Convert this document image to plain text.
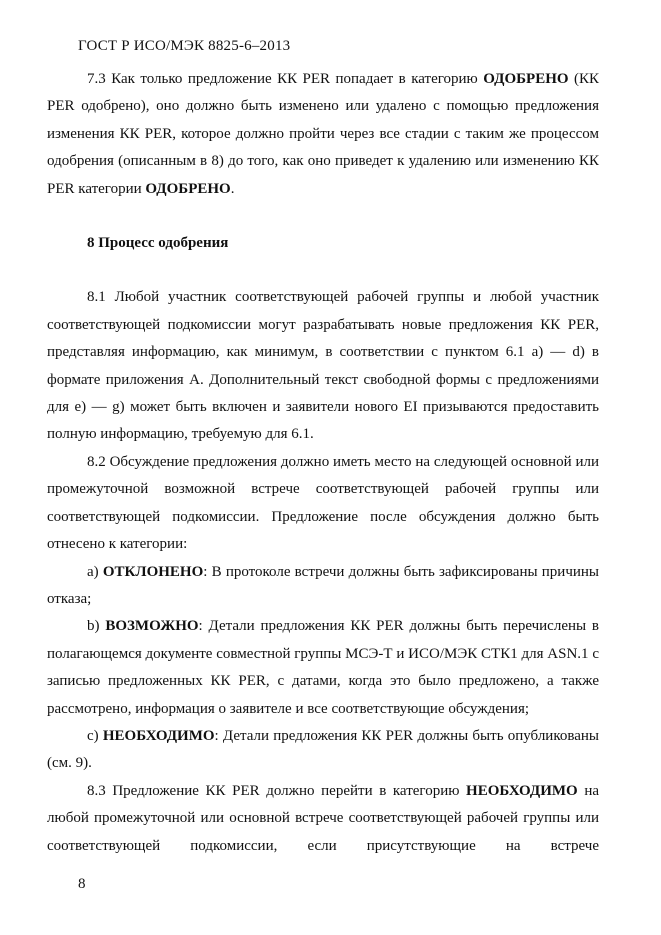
ГОСТ Р ИСО/МЭК 8825-6–2013

7.3 Как только предложение КК PER попадает в категорию ОДОБРЕНО (КК PER одобрено), оно должно быть изменено или удалено с помощью предложения изменения КК PER, которое должно пройти через все стадии с таким же процессом одобрения (описанным в 8) до того, как оно приведет к удалению или изменению КК PER категории ОДОБРЕНО.

8 Процесс одобрения

8.1 Любой участник соответствующей рабочей группы и любой участник соответствующей подкомиссии могут разрабатывать новые предложения КК PER, представляя информацию, как минимум, в соответствии с пунктом 6.1 a) — d) в формате приложения A. Дополнительный текст свободной формы с предложениями для e) — g) может быть включен и заявители нового EI призываются предоставить полную информацию, требуемую для 6.1.

8.2 Обсуждение предложения должно иметь место на следующей основной или промежуточной возможной встрече соответствующей рабочей группы или соответствующей подкомиссии. Предложение после обсуждения должно быть отнесено к категории:

a) ОТКЛОНЕНО: В протоколе встречи должны быть зафиксированы причины отказа;

b) ВОЗМОЖНО: Детали предложения КК PER должны быть перечислены в полагающемся документе совместной группы МСЭ-Т и ИСО/МЭК СТК1 для ASN.1 с записью предложенных КК PER, с датами, когда это было предложено, а также рассмотрено, информация о заявителе и все соответствующие обсуждения;

c) НЕОБХОДИМО: Детали предложения КК PER должны быть опубликованы (см. 9).

8.3 Предложение КК PER должно перейти в категорию НЕОБХОДИМО на любой промежуточной или основной встрече соответствующей рабочей группы или соответствующей подкомиссии, если присутствующие на встрече

8
